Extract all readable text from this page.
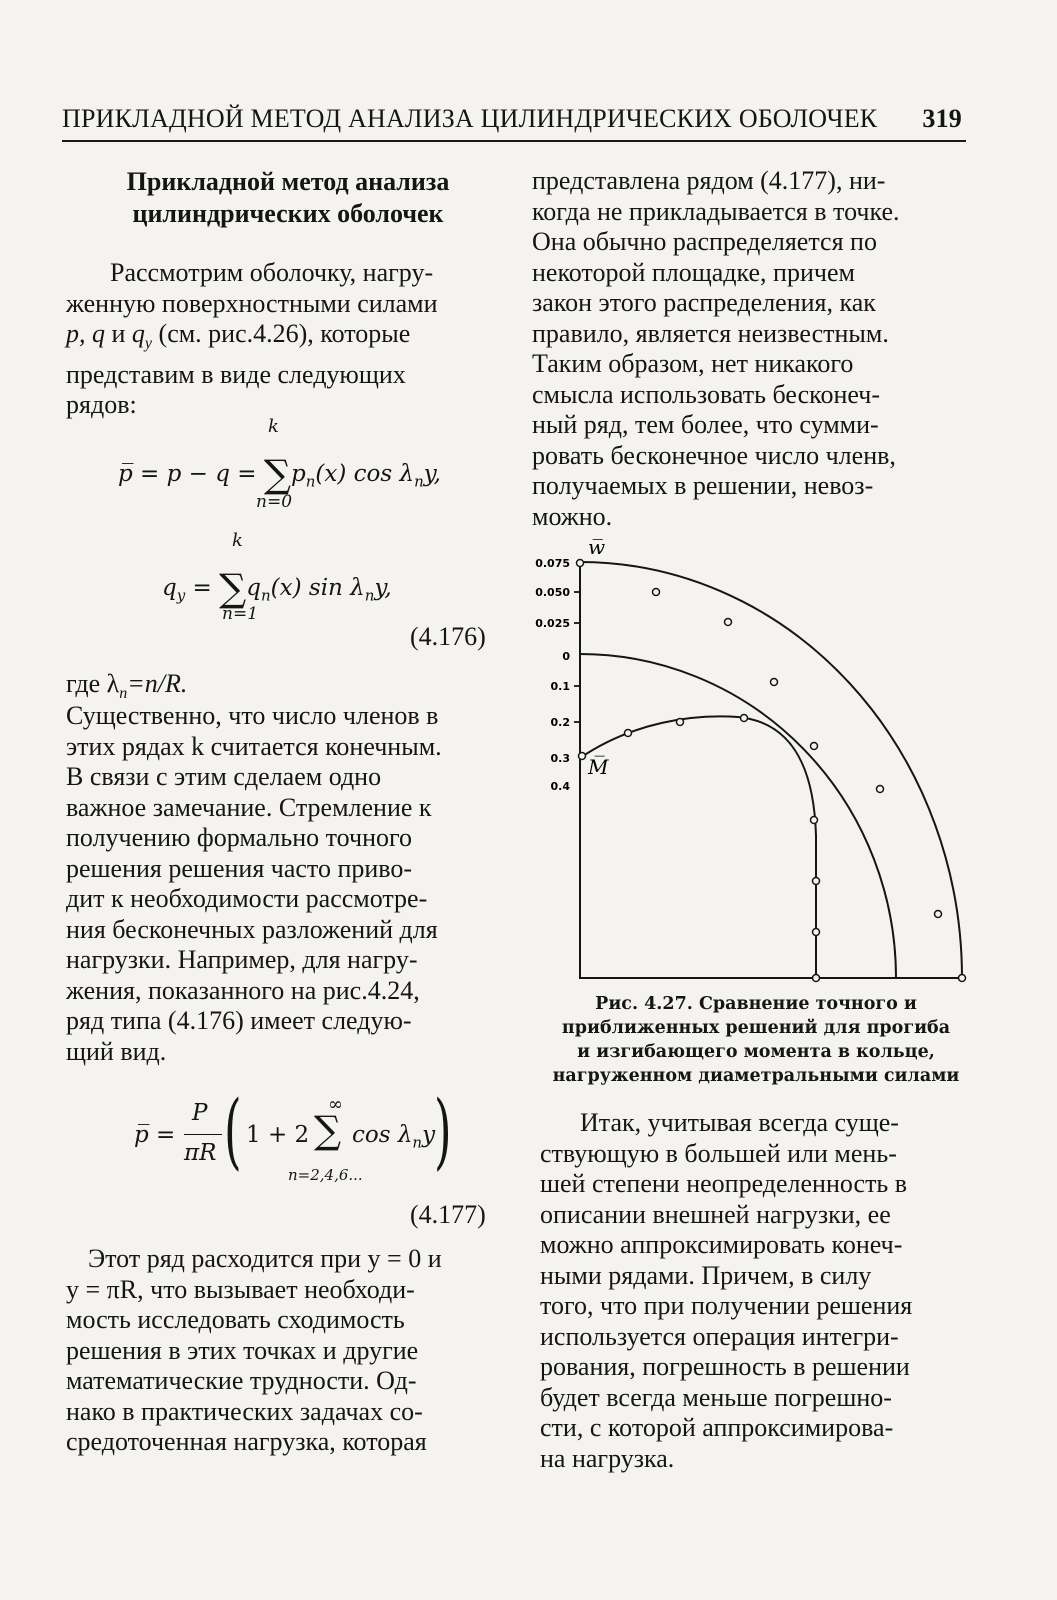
ПРИКЛАДНОЙ МЕТОД АНАЛИЗА ЦИЛИНДРИЧЕСКИХ ОБОЛОЧЕК 319
Прикладной метод анализа
цилиндрических оболочек
Рассмотрим оболочку, нагру-
женную поверхностными силами
p, q и $q_y$ (см. рис.4.26), которые
представим в виде следующих
рядов:
k
p̅ = $p - q = \sum p_n(x)$ $\cos \lambda_ny$,
n=0
k
$q_y = \sum q_n(x)$ $\sin \lambda_ny$,
n=1
(4.176)
где $\lambda_n=n/R$.
Существенно, что число членов в
этих рядах k считается конечным.
В связи с этим сделаем одно
важное замечание. Стремление к
получению формально точного
решения решения часто приво-
дит к необходимости рассмотре-
ния бесконечных разложений для
нагрузки. Например, для нагру-
жения, показанного на рис.4.24,
ряд типа (4.176) имеет следую-
щий вид.
p̅ =
P
πR ( 1 + 2
∞
∑ $\cos \lambda_ny$
)
n=2,4,6...
(4.177)
Этот ряд расходится при y = 0 и
y = πR, что вызывает необходи-
мость исследовать сходимость
решения в этих точках и другие
математические трудности. Од-
нако в практических задачах со-
средоточенная нагрузка, которая
представлена рядом (4.177), ни-
когда не прикладывается в точке.
Она обычно распределяется по
некоторой площадке, причем
закон этого распределения, как
правило, является неизвестным.
Таким образом, нет никакого
смысла использовать бесконеч-
ный ряд, тем более, что сумми-
ровать бесконечное число членв,
получаемых в решении, невоз-
можно.
w̅
M̅
0.075
0.050
0.025
0
0.1
0.2
0.3
0.4
Рис. 4.27. Сравнение точного и
приближенных решений для прогиба
и изгибающего момента в кольце,
нагруженном диаметральными силами
Итак, учитывая всегда суще-
ствующую в большей или мень-
шей степени неопределенность в
описании внешней нагрузки, ее
можно аппроксимировать конеч-
ными рядами. Причем, в силу
того, что при получении решения
используется операция интегри-
рования, погрешность в решении
будет всегда меньше погрешно-
сти, с которой аппроксимирова-
на нагрузка.
